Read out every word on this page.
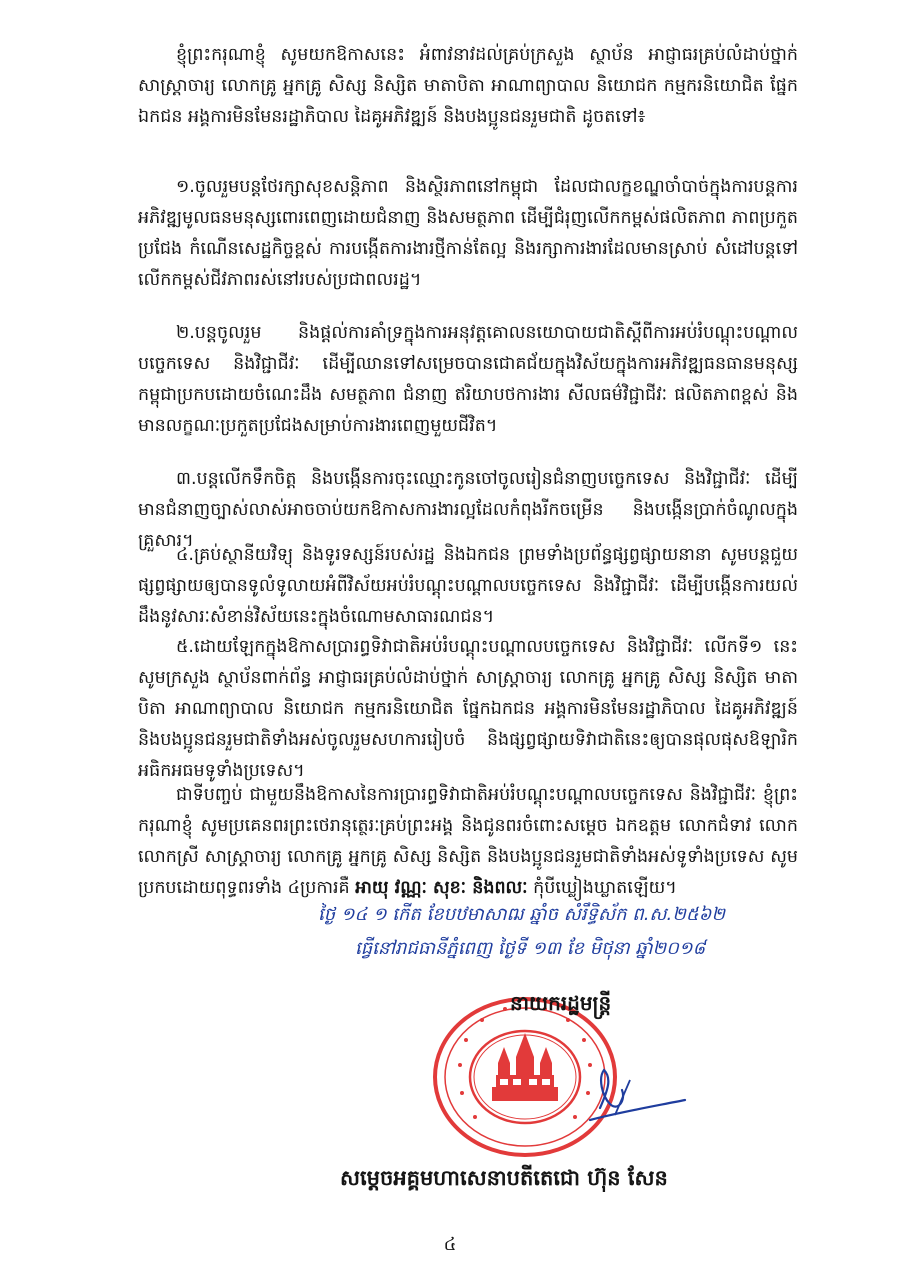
ខ្ញុំព្រះករុណាខ្ញុំ សូមយកឱកាសនេះ អំពាវនាវដល់គ្រប់ក្រសួង ស្ថាប័ន អាជ្ញាធរគ្រប់លំដាប់ថ្នាក់ សាស្ត្រាចារ្យ លោកគ្រូ អ្នកគ្រូ សិស្ស និស្សិត មាតាបិតា អាណាព្យាបាល និយោជក កម្មករនិយោជិត ផ្នែកឯកជន អង្គការមិនមែនរដ្ឋាភិបាល ដៃគូអភិវឌ្ឍន៍ និងបងប្អូនជនរួមជាតិ ដូចតទៅ៖

១.ចូលរួមបន្តថែរក្សាសុខសន្តិភាព និងស្ថិរភាពនៅកម្ពុជា ដែលជាលក្ខខណ្ឌចាំបាច់ក្នុងការបន្តការអភិវឌ្ឍមូលធនមនុស្សពោរពេញដោយជំនាញ និងសមត្ថភាព ដើម្បីជំរុញលើកកម្ពស់ផលិតភាព ភាពប្រកួតប្រជែង កំណើនសេដ្ឋកិច្ចខ្ពស់ ការបង្កើតការងារថ្មីកាន់តែល្អ និងរក្សាការងារដែលមានស្រាប់ សំដៅបន្តទៅលើកកម្ពស់ជីវភាពរស់នៅរបស់ប្រជាពលរដ្ឋ។

២.បន្តចូលរួម និងផ្តល់ការគាំទ្រក្នុងការអនុវត្តគោលនយោបាយជាតិស្តីពីការអប់រំបណ្តុះបណ្តាលបច្ចេកទេស និងវិជ្ជាជីវៈ ដើម្បីឈានទៅសម្រេចបានជោគជ័យក្នុងវិស័យក្នុងការអភិវឌ្ឍធនធានមនុស្សកម្ពុជាប្រកបដោយចំណេះដឹង សមត្ថភាព ជំនាញ ឥរិយាបថការងារ សីលធម៌វិជ្ជាជីវៈ ផលិតភាពខ្ពស់ និងមានលក្ខណៈប្រកួតប្រជែងសម្រាប់ការងារពេញមួយជីវិត។

៣.បន្តលើកទឹកចិត្ត និងបង្កើនការចុះឈ្មោះកូនចៅចូលរៀនជំនាញបច្ចេកទេស និងវិជ្ជាជីវៈ ដើម្បីមានជំនាញច្បាស់លាស់អាចចាប់យកឱកាសការងារល្អដែលកំពុងរីកចម្រើន និងបង្កើនប្រាក់ចំណូលក្នុងគ្រួសារ។

៤.គ្រប់ស្ថានីយវិទ្យុ និងទូរទស្សន៍របស់រដ្ឋ និងឯកជន ព្រមទាំងប្រព័ន្ធផ្សព្វផ្សាយនានា សូមបន្តជួយផ្សព្វផ្សាយឲ្យបានទូលំទូលាយអំពីវិស័យអប់រំបណ្តុះបណ្តាលបច្ចេកទេស និងវិជ្ជាជីវៈ ដើម្បីបង្កើនការយល់ដឹងនូវសារៈសំខាន់វិស័យនេះក្នុងចំណោមសាធារណជន។

៥.ដោយឡែកក្នុងឱកាសប្រារព្ធទិវាជាតិអប់រំបណ្តុះបណ្តាលបច្ចេកទេស និងវិជ្ជាជីវៈ លើកទី១ នេះ សូមក្រសួង ស្ថាប័នពាក់ព័ន្ធ អាជ្ញាធរគ្រប់លំដាប់ថ្នាក់ សាស្ត្រាចារ្យ លោកគ្រូ អ្នកគ្រូ សិស្ស និស្សិត មាតាបិតា អាណាព្យាបាល និយោជក កម្មករនិយោជិត ផ្នែកឯកជន អង្គការមិនមែនរដ្ឋាភិបាល ដៃគូអភិវឌ្ឍន៍ និងបងប្អូនជនរួមជាតិទាំងអស់ចូលរួមសហការរៀបចំ និងផ្សព្វផ្សាយទិវាជាតិនេះឲ្យបានផុលផុសឱឡារិកអធិកអធមទូទាំងប្រទេស។

ជាទីបញ្ចប់ ជាមួយនឹងឱកាសនៃការប្រារព្ធទិវាជាតិអប់រំបណ្តុះបណ្តាលបច្ចេកទេស និងវិជ្ជាជីវៈ ខ្ញុំព្រះករុណាខ្ញុំ សូមប្រគេនពរព្រះថេរានុត្ថេរៈគ្រប់ព្រះអង្គ និងជូនពរចំពោះសម្តេច ឯកឧត្តម លោកជំទាវ លោក លោកស្រី សាស្ត្រាចារ្យ លោកគ្រូ អ្នកគ្រូ សិស្ស និស្សិត និងបងប្អូនជនរួមជាតិទាំងអស់ទូទាំងប្រទេស សូមប្រកបដោយពុទ្ធពរទាំង ៤ប្រការគឺ អាយុ វណ្ណៈ សុខៈ និងពលៈ កុំបីឃ្លៀងឃ្លាតឡើយ។

ថ្ងៃ ១៤ ១ កើត ខែបឋមាសាឍ ឆ្នាំច សំរឹទ្ធិស័ក ព.ស.២៥៦២
ធ្វើនៅរាជធានីភ្នំពេញ ថ្ងៃទី ១៣ ខែ មិថុនា ឆ្នាំ២០១៨
នាយករដ្ឋមន្ត្រី
សម្តេចអគ្គមហាសេនាបតីតេជោ ហ៊ុន សែន
៤
